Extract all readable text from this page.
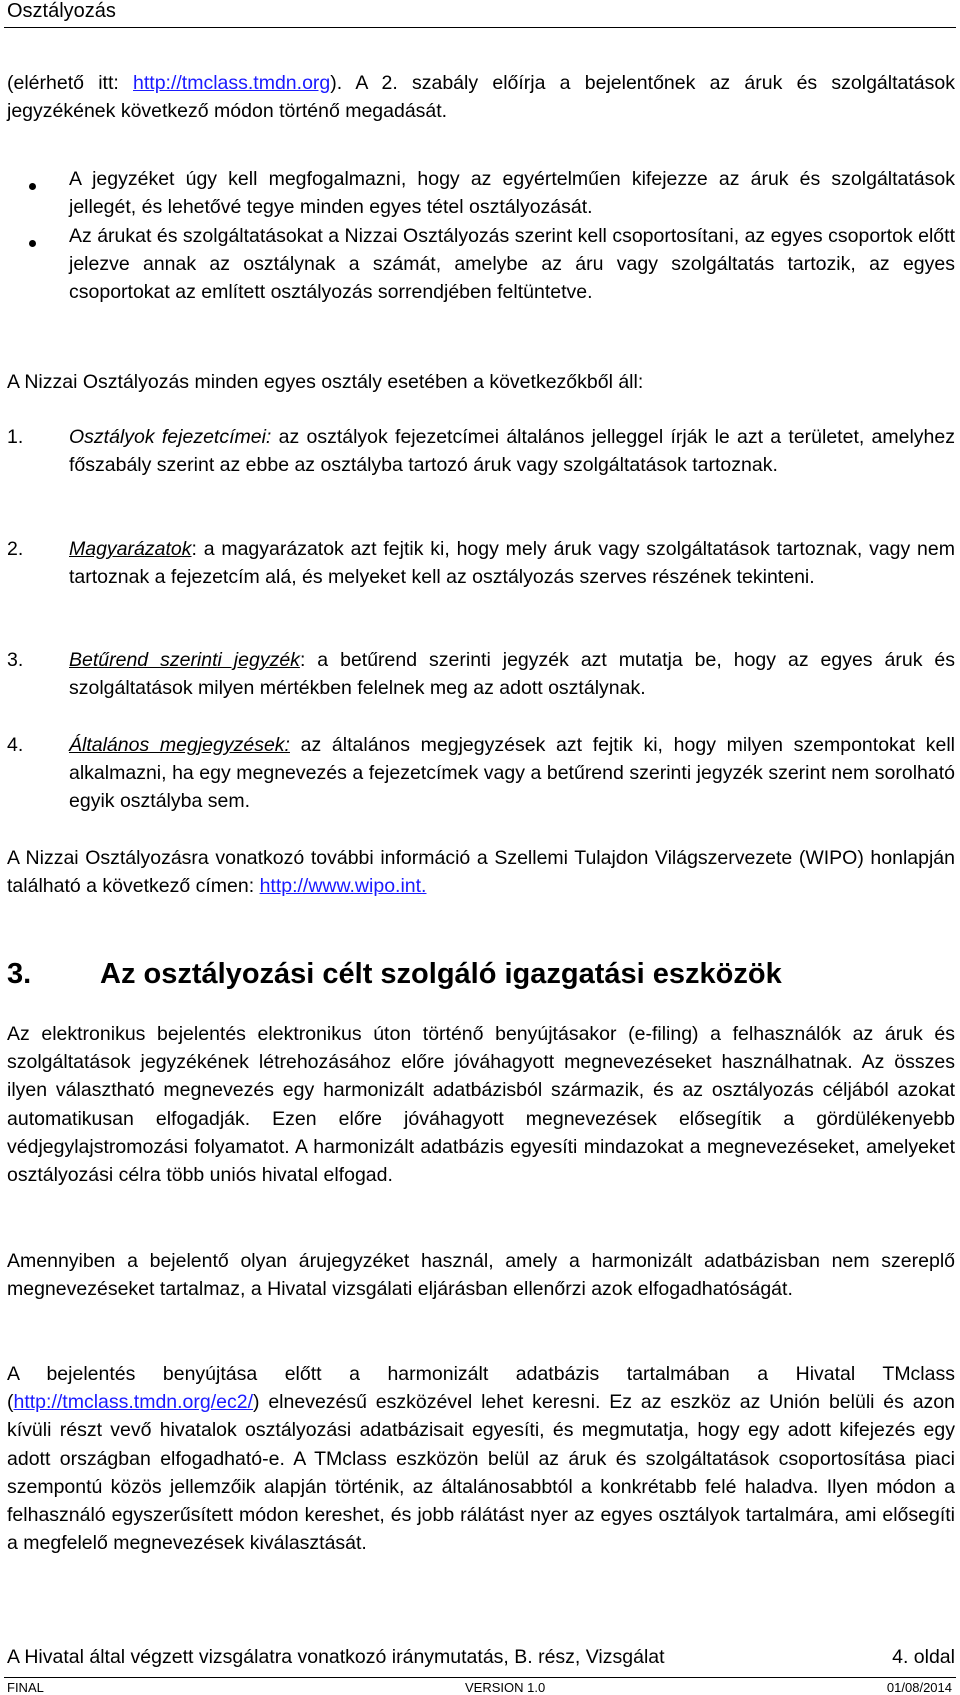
Osztályozás
(elérhető itt: http://tmclass.tmdn.org). A 2. szabály előírja a bejelentőnek az áruk és szolgáltatások jegyzékének következő módon történő megadását.
A jegyzéket úgy kell megfogalmazni, hogy az egyértelműen kifejezze az áruk és szolgáltatások jellegét, és lehetővé tegye minden egyes tétel osztályozását.
Az árukat és szolgáltatásokat a Nizzai Osztályozás szerint kell csoportosítani, az egyes csoportok előtt jelezve annak az osztálynak a számát, amelybe az áru vagy szolgáltatás tartozik, az egyes csoportokat az említett osztályozás sorrendjében feltüntetve.
A Nizzai Osztályozás minden egyes osztály esetében a következőkből áll:
1. Osztályok fejezetcímei: az osztályok fejezetcímei általános jelleggel írják le azt a területet, amelyhez főszabály szerint az ebbe az osztályba tartozó áruk vagy szolgáltatások tartoznak.
2. Magyarázatok: a magyarázatok azt fejtik ki, hogy mely áruk vagy szolgáltatások tartoznak, vagy nem tartoznak a fejezetcím alá, és melyeket kell az osztályozás szerves részének tekinteni.
3. Betűrend szerinti jegyzék: a betűrend szerinti jegyzék azt mutatja be, hogy az egyes áruk és szolgáltatások milyen mértékben felelnek meg az adott osztálynak.
4. Általános megjegyzések: az általános megjegyzések azt fejtik ki, hogy milyen szempontokat kell alkalmazni, ha egy megnevezés a fejezetcímek vagy a betűrend szerinti jegyzék szerint nem sorolható egyik osztályba sem.
A Nizzai Osztályozásra vonatkozó további információ a Szellemi Tulajdon Világszervezete (WIPO) honlapján található a következő címen: http://www.wipo.int.
3. Az osztályozási célt szolgáló igazgatási eszközök
Az elektronikus bejelentés elektronikus úton történő benyújtásakor (e-filing) a felhasználók az áruk és szolgáltatások jegyzékének létrehozásához előre jóváhagyott megnevezéseket használhatnak. Az összes ilyen választható megnevezés egy harmonizált adatbázisból származik, és az osztályozás céljából azokat automatikusan elfogadják. Ezen előre jóváhagyott megnevezések elősegítik a gördülékenyebb védjegylajstromozási folyamatot. A harmonizált adatbázis egyesíti mindazokat a megnevezéseket, amelyeket osztályozási célra több uniós hivatal elfogad.
Amennyiben a bejelentő olyan árujegyzéket használ, amely a harmonizált adatbázisban nem szereplő megnevezéseket tartalmaz, a Hivatal vizsgálati eljárásban ellenőrzi azok elfogadhatóságát.
A bejelentés benyújtása előtt a harmonizált adatbázis tartalmában a Hivatal TMclass (http://tmclass.tmdn.org/ec2/) elnevezésű eszközével lehet keresni. Ez az eszköz az Unión belüli és azon kívüli részt vevő hivatalok osztályozási adatbázisait egyesíti, és megmutatja, hogy egy adott kifejezés egy adott országban elfogadható-e. A TMclass eszközön belül az áruk és szolgáltatások csoportosítása piaci szempontú közös jellemzőik alapján történik, az általánosabbtól a konkrétabb felé haladva. Ilyen módon a felhasználó egyszerűsített módon kereshet, és jobb rálátást nyer az egyes osztályok tartalmára, ami elősegíti a megfelelő megnevezések kiválasztását.
A Hivatal által végzett vizsgálatra vonatkozó iránymutatás, B. rész, Vizsgálat	4. oldal
FINAL	VERSION 1.0	01/08/2014
